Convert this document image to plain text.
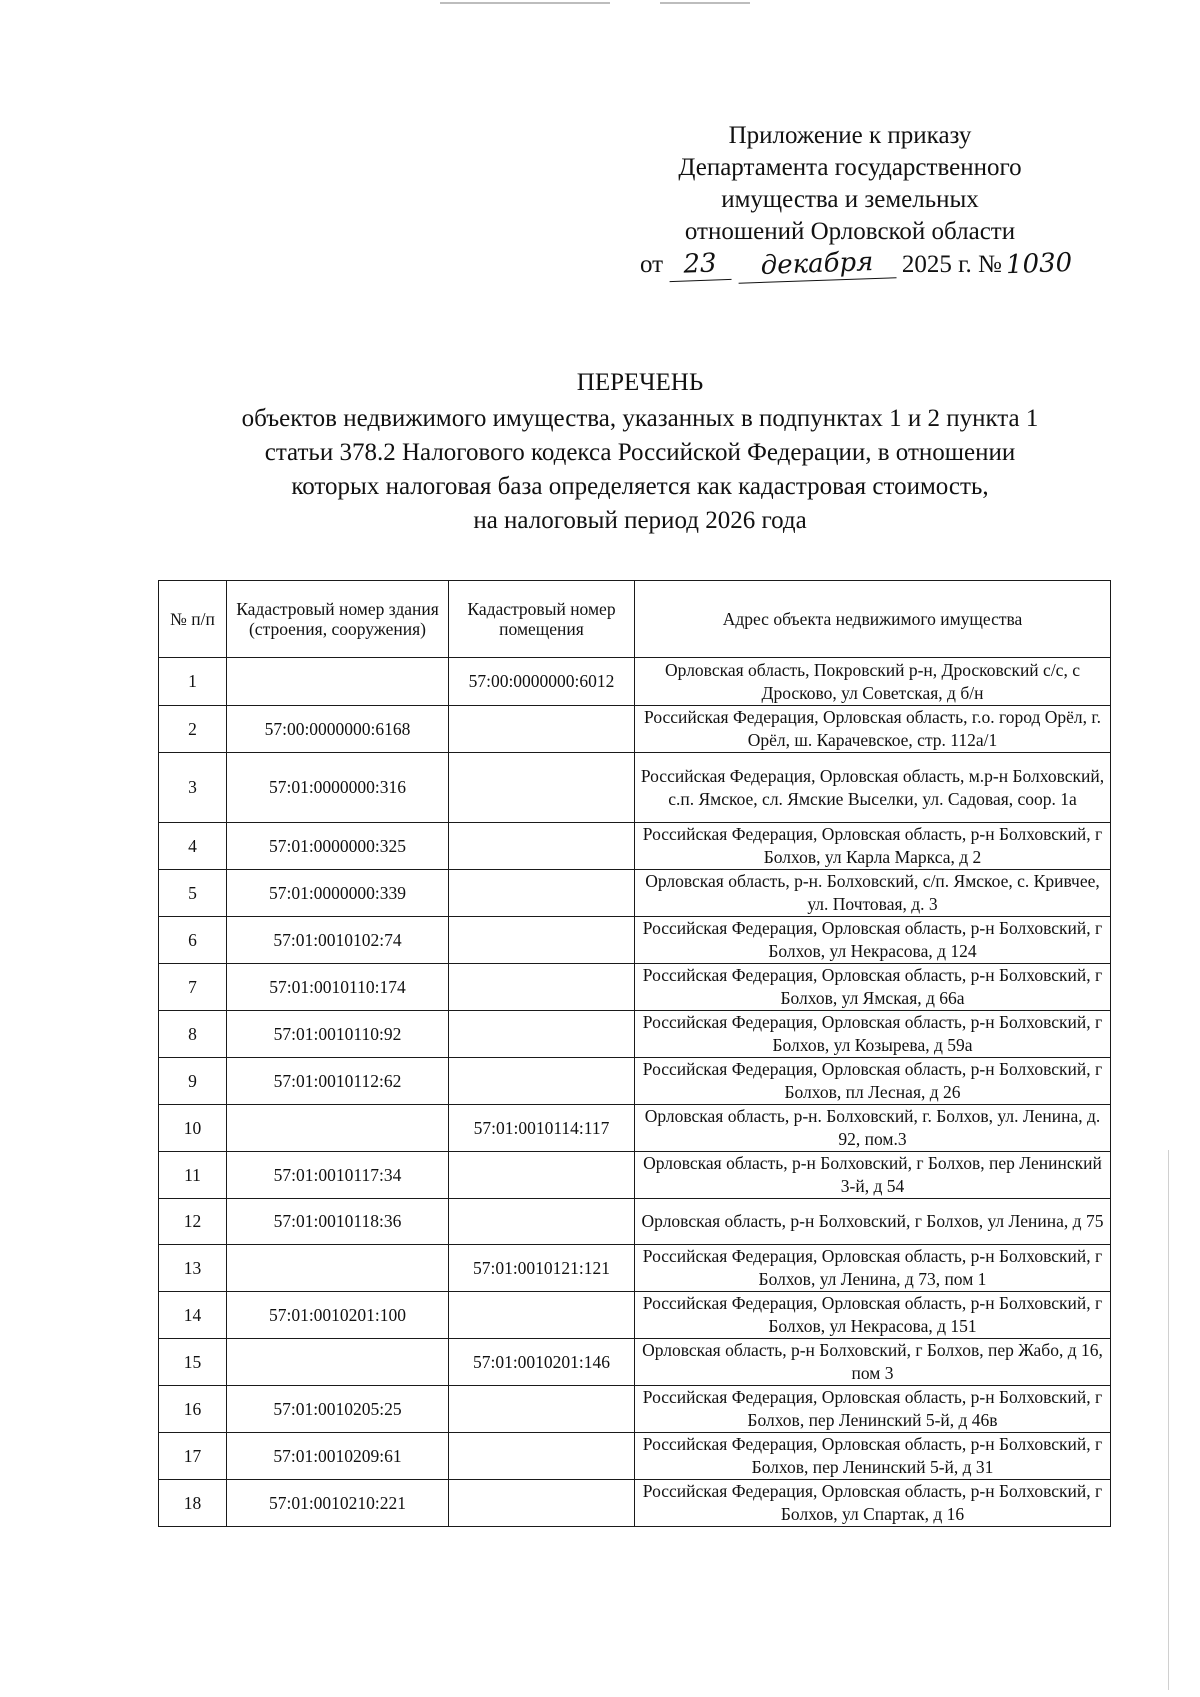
Приложение к приказу
Департамента государственного
имущества и земельных
отношений Орловской области
от 23 декабря 2025 г. № 1030
ПЕРЕЧЕНЬ
объектов недвижимого имущества, указанных в подпунктах 1 и 2 пункта 1
статьи 378.2 Налогового кодекса Российской Федерации, в отношении
которых налоговая база определяется как кадастровая стоимость,
на налоговый период 2026 года
№ п/п	Кадастровый номер здания (строения, сооружения)	Кадастровый номер помещения	Адрес объекта недвижимого имущества
1		57:00:0000000:6012	Орловская область, Покровский р-н, Дросковский с/с, с Дросково, ул Советская, д б/н
2	57:00:0000000:6168		Российская Федерация, Орловская область, г.о. город Орёл, г. Орёл, ш. Карачевское, стр. 112а/1
3	57:01:0000000:316		Российская Федерация, Орловская область, м.р-н Болховский, с.п. Ямское, сл. Ямские Выселки, ул. Садовая, соор. 1а
4	57:01:0000000:325		Российская Федерация, Орловская область, р-н Болховский, г Болхов, ул Карла Маркса, д 2
5	57:01:0000000:339		Орловская область, р-н. Болховский, с/п. Ямское, с. Кривчее, ул. Почтовая, д. 3
6	57:01:0010102:74		Российская Федерация, Орловская область, р-н Болховский, г Болхов, ул Некрасова, д 124
7	57:01:0010110:174		Российская Федерация, Орловская область, р-н Болховский, г Болхов, ул Ямская, д 66а
8	57:01:0010110:92		Российская Федерация, Орловская область, р-н Болховский, г Болхов, ул Козырева, д 59а
9	57:01:0010112:62		Российская Федерация, Орловская область, р-н Болховский, г Болхов, пл Лесная, д 26
10		57:01:0010114:117	Орловская область, р-н. Болховский, г. Болхов, ул. Ленина, д. 92, пом.3
11	57:01:0010117:34		Орловская область, р-н Болховский, г Болхов, пер Ленинский 3-й, д 54
12	57:01:0010118:36		Орловская область, р-н Болховский, г Болхов, ул Ленина, д 75
13		57:01:0010121:121	Российская Федерация, Орловская область, р-н Болховский, г Болхов, ул Ленина, д 73, пом 1
14	57:01:0010201:100		Российская Федерация, Орловская область, р-н Болховский, г Болхов, ул Некрасова, д 151
15		57:01:0010201:146	Орловская область, р-н Болховский, г Болхов, пер Жабо, д 16, пом 3
16	57:01:0010205:25		Российская Федерация, Орловская область, р-н Болховский, г Болхов, пер Ленинский 5-й, д 46в
17	57:01:0010209:61		Российская Федерация, Орловская область, р-н Болховский, г Болхов, пер Ленинский 5-й, д 31
18	57:01:0010210:221		Российская Федерация, Орловская область, р-н Болховский, г Болхов, ул Спартак, д 16
